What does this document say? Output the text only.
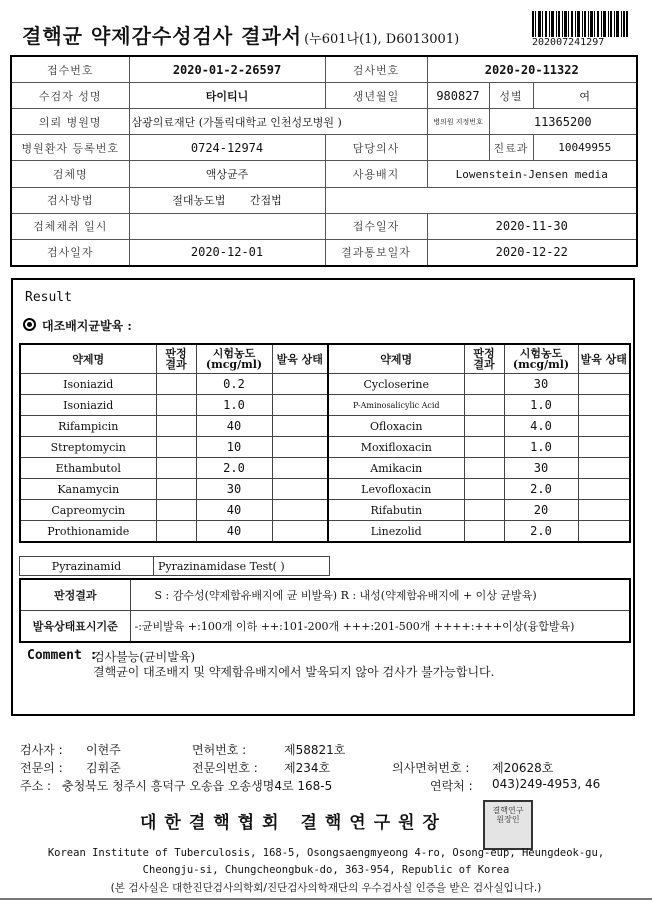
결핵균 약제감수성검사 결과서 (누601나(1), D6013001)	202007241297
접수번호	2020-01-2-26597	검사번호	2020-20-11322		
수검자 성명	타이티니	생년월일	980827	성별	여
의뢰 병원명	삼광의료재단 (가톨릭대학교 인천성모병원 )		병의원 지정번호	11365200	
병원환자 등록번호	0724-12974	담당의사		진료과	10049955
검체명	액상균주	사용배지	Lowenstein-Jensen media		
검사방법	절대농도법 간접법				
검체채취 일시		접수일자	2020-11-30		
검사일자	2020-12-01	결과통보일자	2020-12-22		
Result
대조배지균발육 :
약제명	판정 결과	시험농도 (mcg/ml)	발육 상태	약제명	판정 결과	시험농도 (mcg/ml)	발육 상태
Isoniazid		0.2		Cycloserine		30	
Isoniazid		1.0		P-Aminosalicylic Acid		1.0	
Rifampicin		40		Ofloxacin		4.0	
Streptomycin		10		Moxifloxacin		1.0	
Ethambutol		2.0		Amikacin		30	
Kanamycin		30		Levofloxacin		2.0	
Capreomycin		40		Rifabutin		20	
Prothionamide		40		Linezolid		2.0	
Pyrazinamid	Pyrazinamidase Test( )
판정결과	S : 감수성(약제함유배지에 균 비발육) R : 내성(약제함유배지에 + 이상 균발육)
발육상태표시기준	-:균비발육 +:100개 이하 ++:101-200개 +++:201-500개 ++++:+++이상(융합발육)
Comment :
검사불능(균비발육)
결핵균이 대조배지 및 약제함유배지에서 발육되지 않아 검사가 불가능합니다.
검사자 : 이현주	면허번호 :	제58821호
전문의 : 김휘준	전문의번호 : 제234호	의사면허번호 : 제20628호
주소 : 충청북도 청주시 흥덕구 오송읍 오송생명4로 168-5	연락처 : 043)249-4953, 46
대한결핵협회 결핵연구원장
결핵연구원장인
Korean Institute of Tuberculosis, 168-5, Osongsaengmyeong 4-ro, Osong-eup, Heungdeok-gu,
Cheongju-si, Chungcheongbuk-do, 363-954, Republic of Korea
(본 검사실은 대한진단검사의학회/진단검사의학재단의 우수검사실 인증을 받은 검사실입니다.)
